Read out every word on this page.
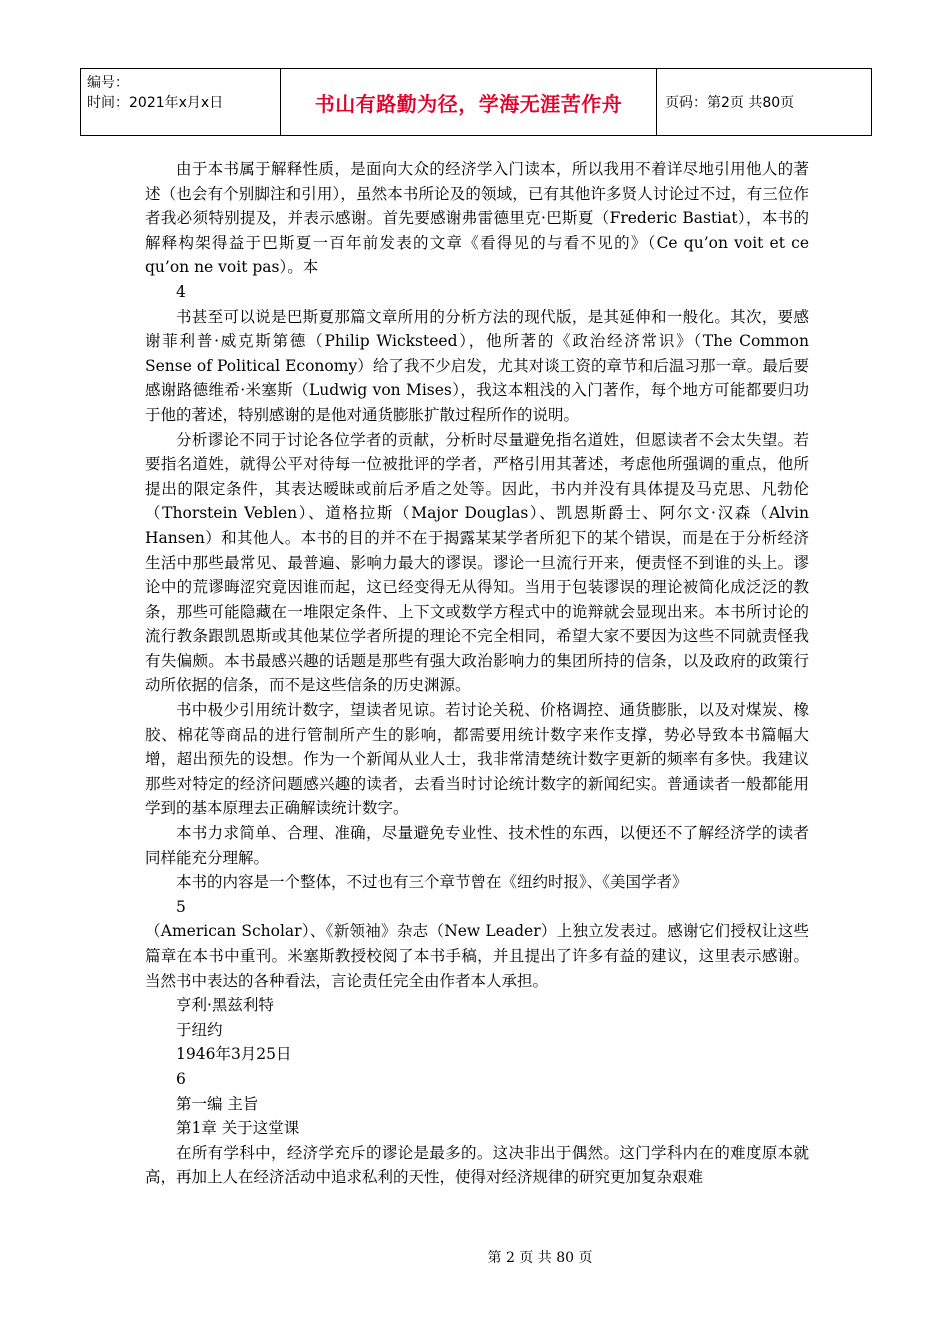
编号：
时间：2021年x月x日	书山有路勤为径，学海无涯苦作舟	页码：第2页 共80页

由于本书属于解释性质，是面向大众的经济学入门读本，所以我用不着详尽地引用他人的著述（也会有个别脚注和引用），虽然本书所论及的领域，已有其他许多贤人讨论过不过，有三位作者我必须特别提及，并表示感谢。首先要感谢弗雷德里克·巴斯夏（Frederic Bastiat），本书的解释构架得益于巴斯夏一百年前发表的文章《看得见的与看不见的》（Ce qu’on voit et ce qu’on ne voit pas）。本

4

书甚至可以说是巴斯夏那篇文章所用的分析方法的现代版，是其延伸和一般化。其次，要感谢菲利普·威克斯第德（Philip Wicksteed），他所著的《政治经济常识》（The Common Sense of Political Economy）给了我不少启发，尤其对谈工资的章节和后温习那一章。最后要感谢路德维希·米塞斯（Ludwig von Mises），我这本粗浅的入门著作，每个地方可能都要归功于他的著述，特别感谢的是他对通货膨胀扩散过程所作的说明。

分析谬论不同于讨论各位学者的贡献，分析时尽量避免指名道姓，但愿读者不会太失望。若要指名道姓，就得公平对待每一位被批评的学者，严格引用其著述，考虑他所强调的重点，他所提出的限定条件，其表达暧昧或前后矛盾之处等。因此，书内并没有具体提及马克思、凡勃伦（Thorstein Veblen）、道格拉斯（Major Douglas）、凯恩斯爵士、阿尔文·汉森（Alvin Hansen）和其他人。本书的目的并不在于揭露某某学者所犯下的某个错误，而是在于分析经济生活中那些最常见、最普遍、影响力最大的谬误。谬论一旦流行开来，便责怪不到谁的头上。谬论中的荒谬晦涩究竟因谁而起，这已经变得无从得知。当用于包装谬误的理论被简化成泛泛的教条，那些可能隐藏在一堆限定条件、上下文或数学方程式中的诡辩就会显现出来。本书所讨论的流行教条跟凯恩斯或其他某位学者所提的理论不完全相同，希望大家不要因为这些不同就责怪我有失偏颇。本书最感兴趣的话题是那些有强大政治影响力的集团所持的信条，以及政府的政策行动所依据的信条，而不是这些信条的历史渊源。

书中极少引用统计数字，望读者见谅。若讨论关税、价格调控、通货膨胀，以及对煤炭、橡胶、棉花等商品的进行管制所产生的影响，都需要用统计数字来作支撑，势必导致本书篇幅大增，超出预先的设想。作为一个新闻从业人士，我非常清楚统计数字更新的频率有多快。我建议那些对特定的经济问题感兴趣的读者，去看当时讨论统计数字的新闻纪实。普通读者一般都能用学到的基本原理去正确解读统计数字。

本书力求简单、合理、准确，尽量避免专业性、技术性的东西，以便还不了解经济学的读者同样能充分理解。

本书的内容是一个整体，不过也有三个章节曾在《纽约时报》、《美国学者》

5

（American Scholar）、《新领袖》杂志（New Leader）上独立发表过。感谢它们授权让这些篇章在本书中重刊。米塞斯教授校阅了本书手稿，并且提出了许多有益的建议，这里表示感谢。当然书中表达的各种看法，言论责任完全由作者本人承担。

亨利·黑兹利特

于纽约

1946年3月25日

6

第一编 主旨

第1章 关于这堂课

在所有学科中，经济学充斥的谬论是最多的。这决非出于偶然。这门学科内在的难度原本就高，再加上人在经济活动中追求私利的天性，使得对经济规律的研究更加复杂艰难

第 2 页 共 80 页
